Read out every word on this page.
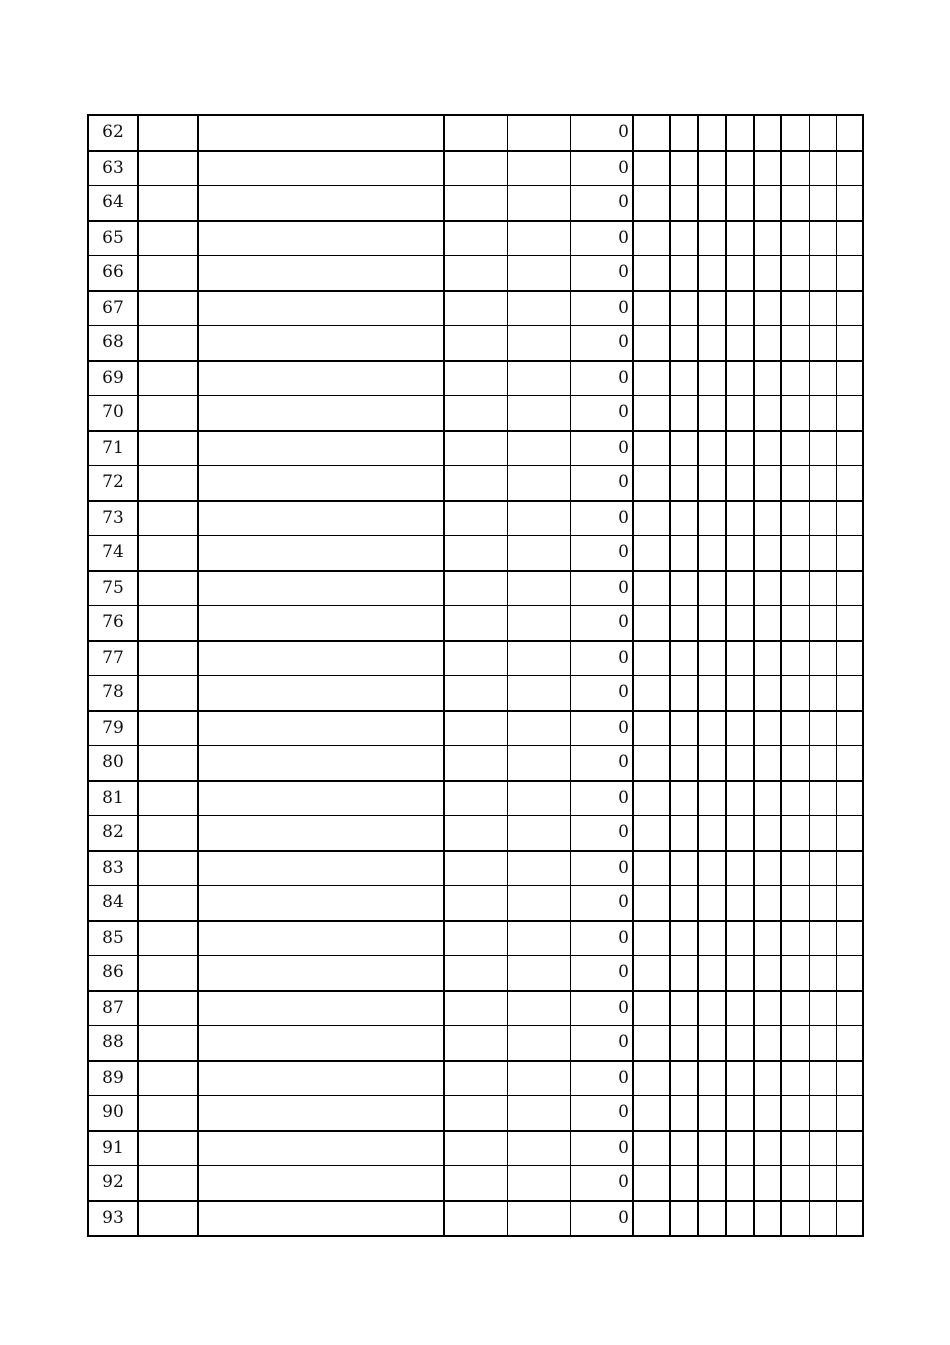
62					0								
63					0								
64					0								
65					0								
66					0								
67					0								
68					0								
69					0								
70					0								
71					0								
72					0								
73					0								
74					0								
75					0								
76					0								
77					0								
78					0								
79					0								
80					0								
81					0								
82					0								
83					0								
84					0								
85					0								
86					0								
87					0								
88					0								
89					0								
90					0								
91					0								
92					0								
93					0								
